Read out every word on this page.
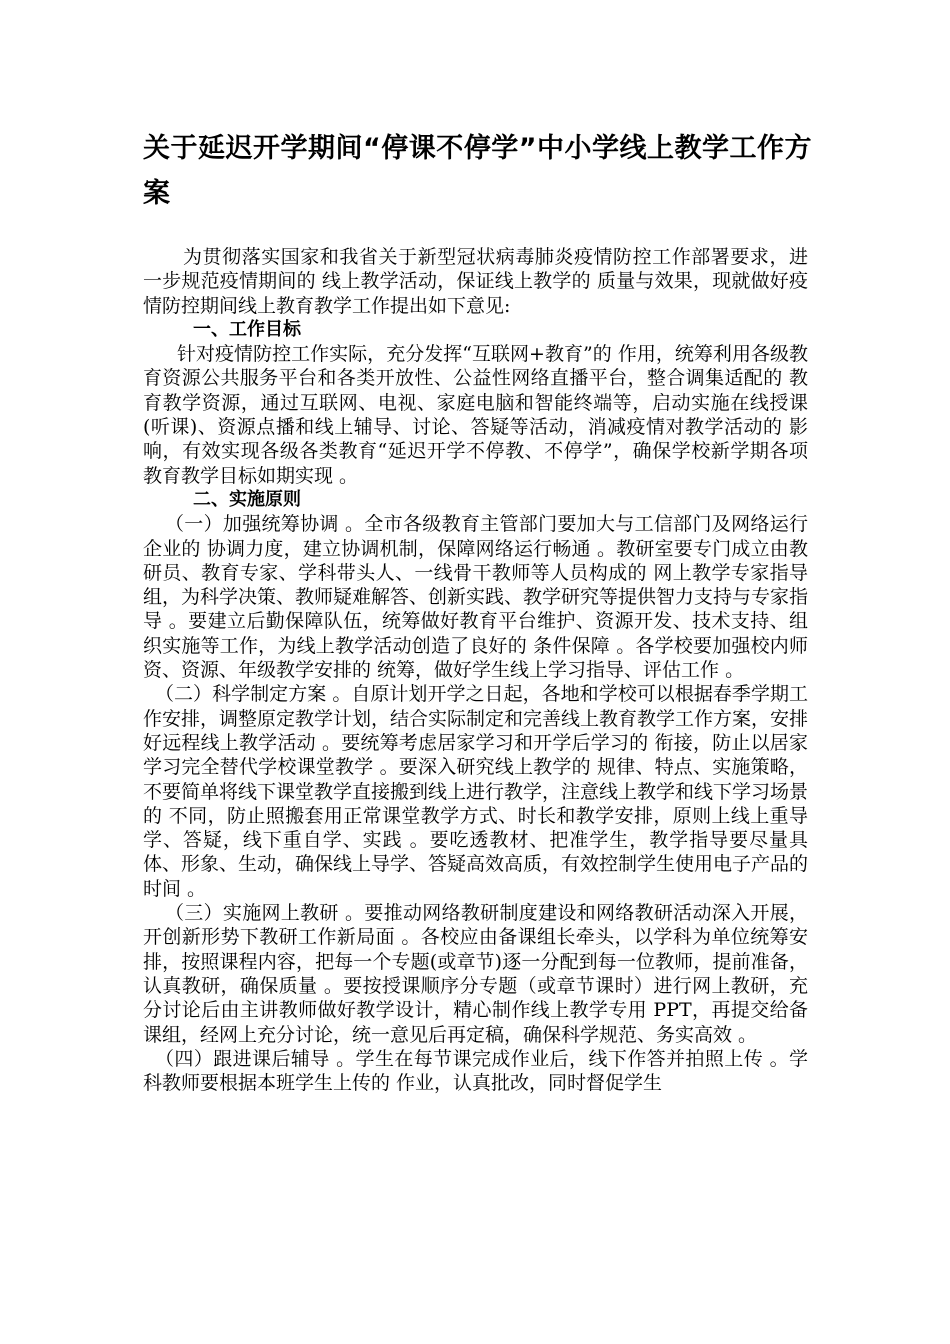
关于延迟开学期间“停课不停学”中小学线上教学工作方案

为贯彻落实国家和我省关于新型冠状病毒肺炎疫情防控工作部署要求，进一步规范疫情期间的 线上教学活动，保证线上教学的 质量与效果，现就做好疫情防控期间线上教育教学工作提出如下意见:

一、工作目标

针对疫情防控工作实际，充分发挥“互联网+教育”的 作用，统筹利用各级教育资源公共服务平台和各类开放性、公益性网络直播平台，整合调集适配的 教育教学资源，通过互联网、电视、家庭电脑和智能终端等，启动实施在线授课(听课)、资源点播和线上辅导、讨论、答疑等活动，消减疫情对教学活动的 影响，有效实现各级各类教育“延迟开学不停教、不停学”，确保学校新学期各项教育教学目标如期实现 。

二、实施原则

（一）加强统筹协调 。全市各级教育主管部门要加大与工信部门及网络运行企业的 协调力度，建立协调机制，保障网络运行畅通 。教研室要专门成立由教研员、教育专家、学科带头人、一线骨干教师等人员构成的 网上教学专家指导组，为科学决策、教师疑难解答、创新实践、教学研究等提供智力支持与专家指导 。要建立后勤保障队伍，统筹做好教育平台维护、资源开发、技术支持、组织实施等工作，为线上教学活动创造了良好的 条件保障 。各学校要加强校内师资、资源、年级教学安排的 统筹，做好学生线上学习指导、评估工作 。

（二）科学制定方案 。自原计划开学之日起，各地和学校可以根据春季学期工作安排，调整原定教学计划，结合实际制定和完善线上教育教学工作方案，安排好远程线上教学活动 。要统筹考虑居家学习和开学后学习的 衔接，防止以居家学习完全替代学校课堂教学 。要深入研究线上教学的 规律、特点、实施策略，不要简单将线下课堂教学直接搬到线上进行教学，注意线上教学和线下学习场景的 不同，防止照搬套用正常课堂教学方式、时长和教学安排，原则上线上重导学、答疑，线下重自学、实践 。要吃透教材、把准学生，教学指导要尽量具体、形象、生动，确保线上导学、答疑高效高质，有效控制学生使用电子产品的 时间 。

（三）实施网上教研 。要推动网络教研制度建设和网络教研活动深入开展，开创新形势下教研工作新局面 。各校应由备课组长牵头，以学科为单位统筹安排，按照课程内容，把每一个专题(或章节)逐一分配到每一位教师，提前准备，认真教研，确保质量 。要按授课顺序分专题（或章节课时）进行网上教研，充分讨论后由主讲教师做好教学设计，精心制作线上教学专用 PPT，再提交给备课组，经网上充分讨论，统一意见后再定稿，确保科学规范、务实高效 。

（四）跟进课后辅导 。学生在每节课完成作业后，线下作答并拍照上传 。学科教师要根据本班学生上传的 作业，认真批改，同时督促学生
